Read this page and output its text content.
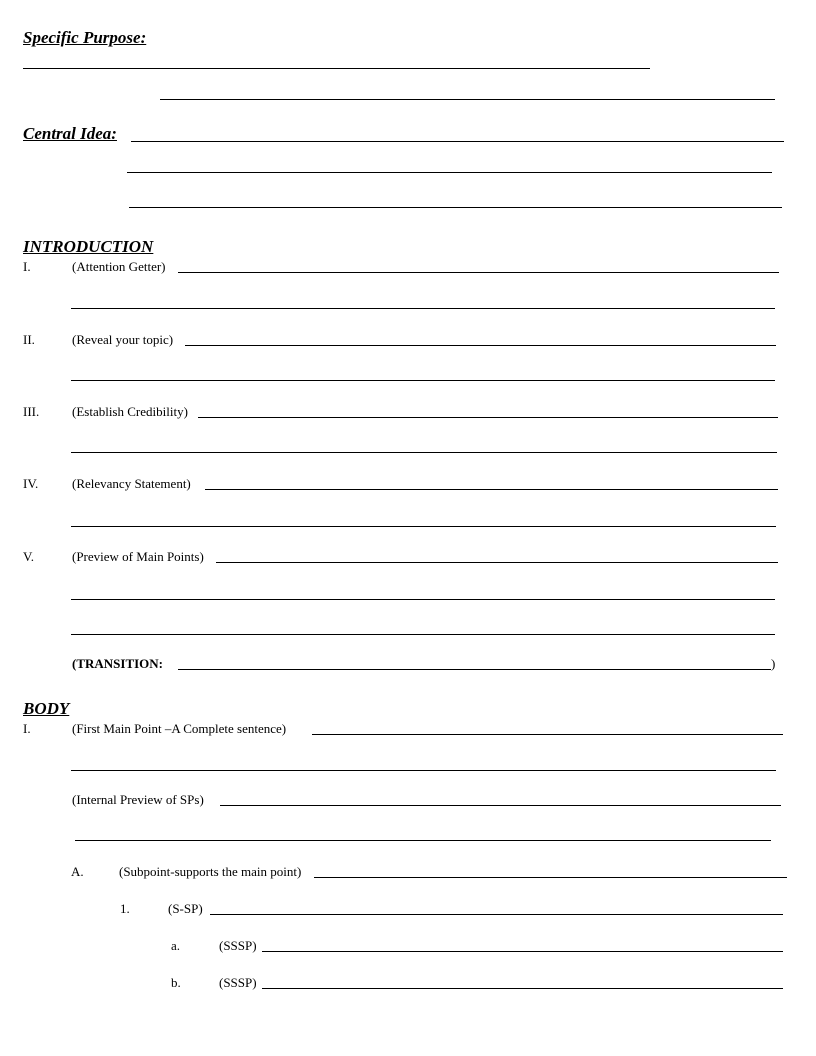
Specific Purpose:
Central Idea:
INTRODUCTION
I.	(Attention Getter)
II.	(Reveal your topic)
III.	(Establish Credibility)
IV.	(Relevancy Statement)
V.	(Preview of Main Points)
(TRANSITION:	)
BODY
I.	(First Main Point –A Complete sentence)
(Internal Preview of SPs)
A.	(Subpoint-supports the main point)
1.	(S-SP)
a.	(SSSP)
b.	(SSSP)
